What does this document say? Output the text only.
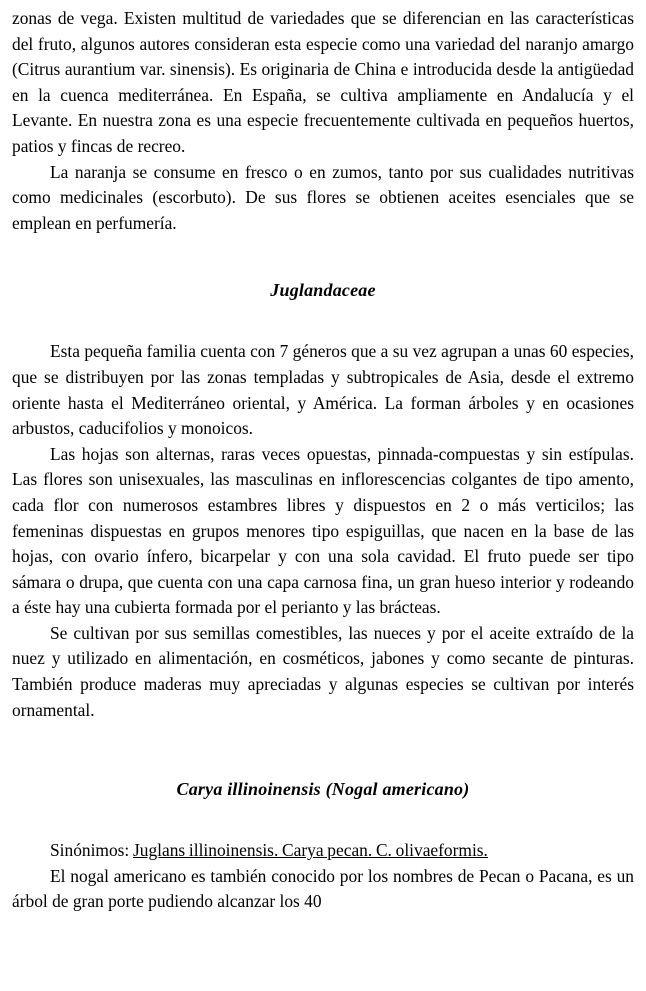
zonas de vega. Existen multitud de variedades que se diferencian en las características del fruto, algunos autores consideran esta especie como una variedad del naranjo amargo (Citrus aurantium var. sinensis). Es originaria de China e introducida desde la antigüedad en la cuenca mediterránea. En España, se cultiva ampliamente en Andalucía y el Levante. En nuestra zona es una especie frecuentemente cultivada en pequeños huertos, patios y fincas de recreo.

La naranja se consume en fresco o en zumos, tanto por sus cualidades nutritivas como medicinales (escorbuto). De sus flores se obtienen aceites esenciales que se emplean en perfumería.

Juglandaceae

Esta pequeña familia cuenta con 7 géneros que a su vez agrupan a unas 60 especies, que se distribuyen por las zonas templadas y subtropicales de Asia, desde el extremo oriente hasta el Mediterráneo oriental, y América. La forman árboles y en ocasiones arbustos, caducifolios y monoicos.

Las hojas son alternas, raras veces opuestas, pinnada-compuestas y sin estípulas. Las flores son unisexuales, las masculinas en inflorescencias colgantes de tipo amento, cada flor con numerosos estambres libres y dispuestos en 2 o más verticilos; las femeninas dispuestas en grupos menores tipo espiguillas, que nacen en la base de las hojas, con ovario ínfero, bicarpelar y con una sola cavidad. El fruto puede ser tipo sámara o drupa, que cuenta con una capa carnosa fina, un gran hueso interior y rodeando a éste hay una cubierta formada por el perianto y las brácteas.

Se cultivan por sus semillas comestibles, las nueces y por el aceite extraído de la nuez y utilizado en alimentación, en cosméticos, jabones y como secante de pinturas. También produce maderas muy apreciadas y algunas especies se cultivan por interés ornamental.

Carya illinoinensis (Nogal americano)

Sinónimos: Juglans illinoinensis. Carya pecan. C. olivaeformis.

El nogal americano es también conocido por los nombres de Pecan o Pacana, es un árbol de gran porte pudiendo alcanzar los 40
